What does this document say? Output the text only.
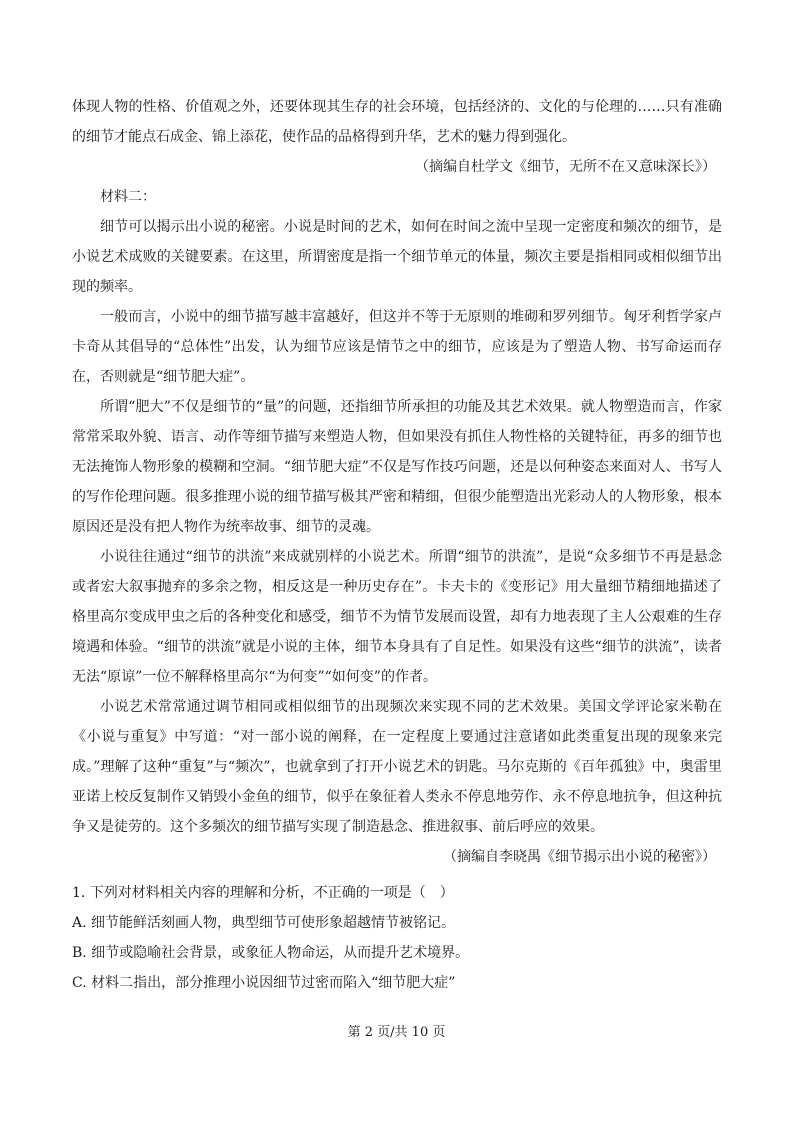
体现人物的性格、价值观之外，还要体现其生存的社会环境，包括经济的、文化的与伦理的……只有准确的细节才能点石成金、锦上添花，使作品的品格得到升华，艺术的魅力得到强化。

（摘编自杜学文《细节，无所不在又意味深长》）

材料二：

细节可以揭示出小说的秘密。小说是时间的艺术，如何在时间之流中呈现一定密度和频次的细节，是小说艺术成败的关键要素。在这里，所谓密度是指一个细节单元的体量，频次主要是指相同或相似细节出现的频率。

一般而言，小说中的细节描写越丰富越好，但这并不等于无原则的堆砌和罗列细节。匈牙利哲学家卢卡奇从其倡导的“总体性”出发，认为细节应该是情节之中的细节，应该是为了塑造人物、书写命运而存在，否则就是“细节肥大症”。

所谓“肥大”不仅是细节的“量”的问题，还指细节所承担的功能及其艺术效果。就人物塑造而言，作家常常采取外貌、语言、动作等细节描写来塑造人物，但如果没有抓住人物性格的关键特征，再多的细节也无法掩饰人物形象的模糊和空洞。“细节肥大症”不仅是写作技巧问题，还是以何种姿态来面对人、书写人的写作伦理问题。很多推理小说的细节描写极其严密和精细，但很少能塑造出光彩动人的人物形象，根本原因还是没有把人物作为统率故事、细节的灵魂。

小说往往通过“细节的洪流”来成就别样的小说艺术。所谓“细节的洪流”，是说“众多细节不再是悬念或者宏大叙事抛弃的多余之物，相反这是一种历史存在”。卡夫卡的《变形记》用大量细节精细地描述了格里高尔变成甲虫之后的各种变化和感受，细节不为情节发展而设置，却有力地表现了主人公艰难的生存境遇和体验。“细节的洪流”就是小说的主体，细节本身具有了自足性。如果没有这些“细节的洪流”，读者无法“原谅”一位不解释格里高尔“为何变”“如何变”的作者。

小说艺术常常通过调节相同或相似细节的出现频次来实现不同的艺术效果。美国文学评论家米勒在《小说与重复》中写道：“对一部小说的阐释，在一定程度上要通过注意诸如此类重复出现的现象来完成。”理解了这种“重复”与“频次”，也就拿到了打开小说艺术的钥匙。马尔克斯的《百年孤独》中，奥雷里亚诺上校反复制作又销毁小金鱼的细节，似乎在象征着人类永不停息地劳作、永不停息地抗争，但这种抗争又是徒劳的。这个多频次的细节描写实现了制造悬念、推进叙事、前后呼应的效果。

（摘编自李晓禺《细节揭示出小说的秘密》）

1. 下列对材料相关内容的理解和分析，不正确的一项是（　）

A. 细节能鲜活刻画人物，典型细节可使形象超越情节被铭记。

B. 细节或隐喻社会背景，或象征人物命运，从而提升艺术境界。

C. 材料二指出，部分推理小说因细节过密而陷入“细节肥大症”

第 2 页/共 10 页
